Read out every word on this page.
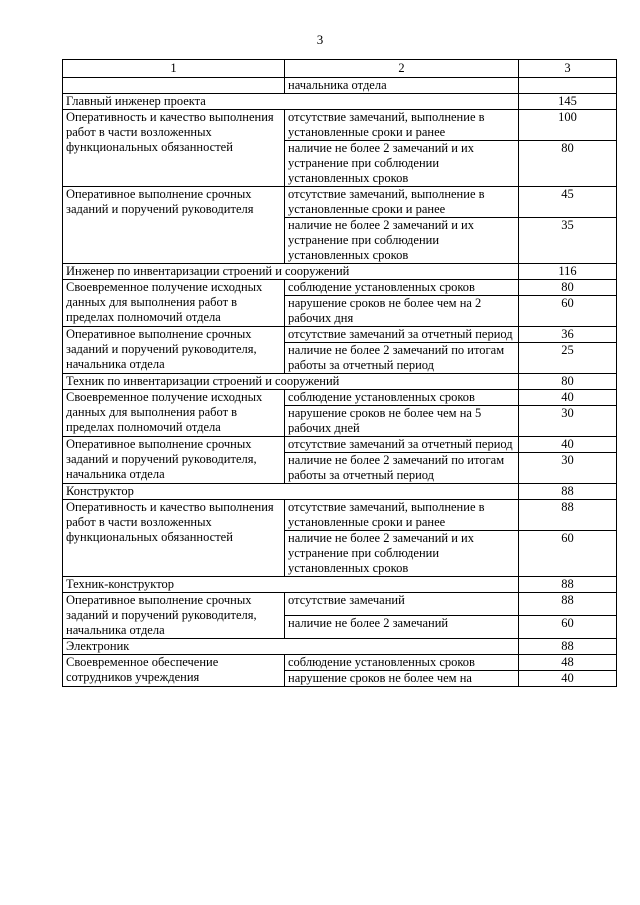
3
1	2	3
	начальника отдела	
Главный инженер проекта		145
Оперативность и качество выполнения работ в части возложенных функциональных обязанностей	отсутствие замечаний, выполнение в установленные сроки и ранее	100
	наличие не более 2 замечаний и их устранение при соблюдении установленных сроков	80
Оперативное выполнение срочных заданий и поручений руководителя	отсутствие замечаний, выполнение в установленные сроки и ранее	45
	наличие не более 2 замечаний и их устранение при соблюдении установленных сроков	35
Инженер по инвентаризации строений и сооружений		116
Своевременное получение исходных данных для выполнения работ в пределах полномочий отдела	соблюдение установленных сроков	80
	нарушение сроков не более чем на 2 рабочих дня	60
Оперативное выполнение срочных заданий и поручений руководителя, начальника отдела	отсутствие замечаний за отчетный период	36
	наличие не более 2 замечаний по итогам работы за отчетный период	25
Техник по инвентаризации строений и сооружений		80
Своевременное получение исходных данных для выполнения работ в пределах полномочий отдела	соблюдение установленных сроков	40
	нарушение сроков не более чем на 5 рабочих дней	30
Оперативное выполнение срочных заданий и поручений руководителя, начальника отдела	отсутствие замечаний за отчетный период	40
	наличие не более 2 замечаний по итогам работы за отчетный период	30
Конструктор		88
Оперативность и качество выполнения работ в части возложенных функциональных обязанностей	отсутствие замечаний, выполнение в установленные сроки и ранее	88
	наличие не более 2 замечаний и их устранение при соблюдении установленных сроков	60
Техник-конструктор		88
Оперативное выполнение срочных заданий и поручений руководителя, начальника отдела	отсутствие замечаний	88
	наличие не более 2 замечаний	60
Электроник		88
Своевременное обеспечение сотрудников учреждения	соблюдение установленных сроков	48
	нарушение сроков не более чем на	40
